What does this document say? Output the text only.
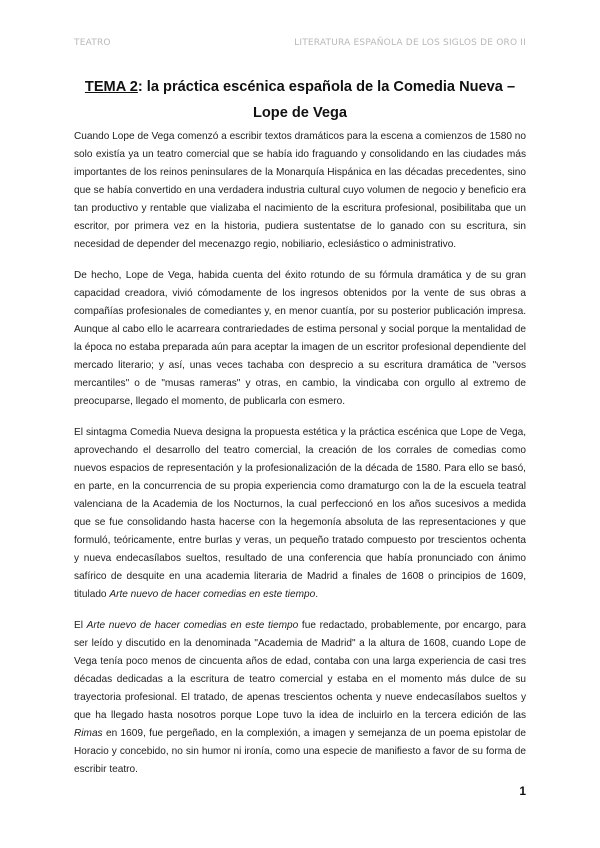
TEATRO	LITERATURA ESPAÑOLA DE LOS SIGLOS DE ORO II
TEMA 2: la práctica escénica española de la Comedia Nueva –
Lope de Vega

Cuando Lope de Vega comenzó a escribir textos dramáticos para la escena a comienzos de 1580 no solo existía ya un teatro comercial que se había ido fraguando y consolidando en las ciudades más importantes de los reinos peninsulares de la Monarquía Hispánica en las décadas precedentes, sino que se había convertido en una verdadera industria cultural cuyo volumen de negocio y beneficio era tan productivo y rentable que vializaba el nacimiento de la escritura profesional, posibilitaba que un escritor, por primera vez en la historia, pudiera sustentatse de lo ganado con su escritura, sin necesidad de depender del mecenazgo regio, nobiliario, eclesiástico o administrativo.

De hecho, Lope de Vega, habida cuenta del éxito rotundo de su fórmula dramática y de su gran capacidad creadora, vivió cómodamente de los ingresos obtenidos por la vente de sus obras a compañías profesionales de comediantes y, en menor cuantía, por su posterior publicación impresa. Aunque al cabo ello le acarreara contrariedades de estima personal y social porque la mentalidad de la época no estaba preparada aún para aceptar la imagen de un escritor profesional dependiente del mercado literario; y así, unas veces tachaba con desprecio a su escritura dramática de "versos mercantiles" o de "musas rameras" y otras, en cambio, la vindicaba con orgullo al extremo de preocuparse, llegado el momento, de publicarla con esmero.

El sintagma Comedia Nueva designa la propuesta estética y la práctica escénica que Lope de Vega, aprovechando el desarrollo del teatro comercial, la creación de los corrales de comedias como nuevos espacios de representación y la profesionalización de la década de 1580. Para ello se basó, en parte, en la concurrencia de su propia experiencia como dramaturgo con la de la escuela teatral valenciana de la Academia de los Nocturnos, la cual perfeccionó en los años sucesivos a medida que se fue consolidando hasta hacerse con la hegemonía absoluta de las representaciones y que formuló, teóricamente, entre burlas y veras, un pequeño tratado compuesto por trescientos ochenta y nueva endecasílabos sueltos, resultado de una conferencia que había pronunciado con ánimo safírico de desquite en una academia literaria de Madrid a finales de 1608 o principios de 1609, titulado Arte nuevo de hacer comedias en este tiempo.

El Arte nuevo de hacer comedias en este tiempo fue redactado, probablemente, por encargo, para ser leído y discutido en la denominada "Academia de Madrid" a la altura de 1608, cuando Lope de Vega tenía poco menos de cincuenta años de edad, contaba con una larga experiencia de casi tres décadas dedicadas a la escritura de teatro comercial y estaba en el momento más dulce de su trayectoria profesional. El tratado, de apenas trescientos ochenta y nueve endecasílabos sueltos y que ha llegado hasta nosotros porque Lope tuvo la idea de incluirlo en la tercera edición de las Rimas en 1609, fue pergeñado, en la complexión, a imagen y semejanza de un poema epistolar de Horacio y concebido, no sin humor ni ironía, como una especie de manifiesto a favor de su forma de escribir teatro.

1
